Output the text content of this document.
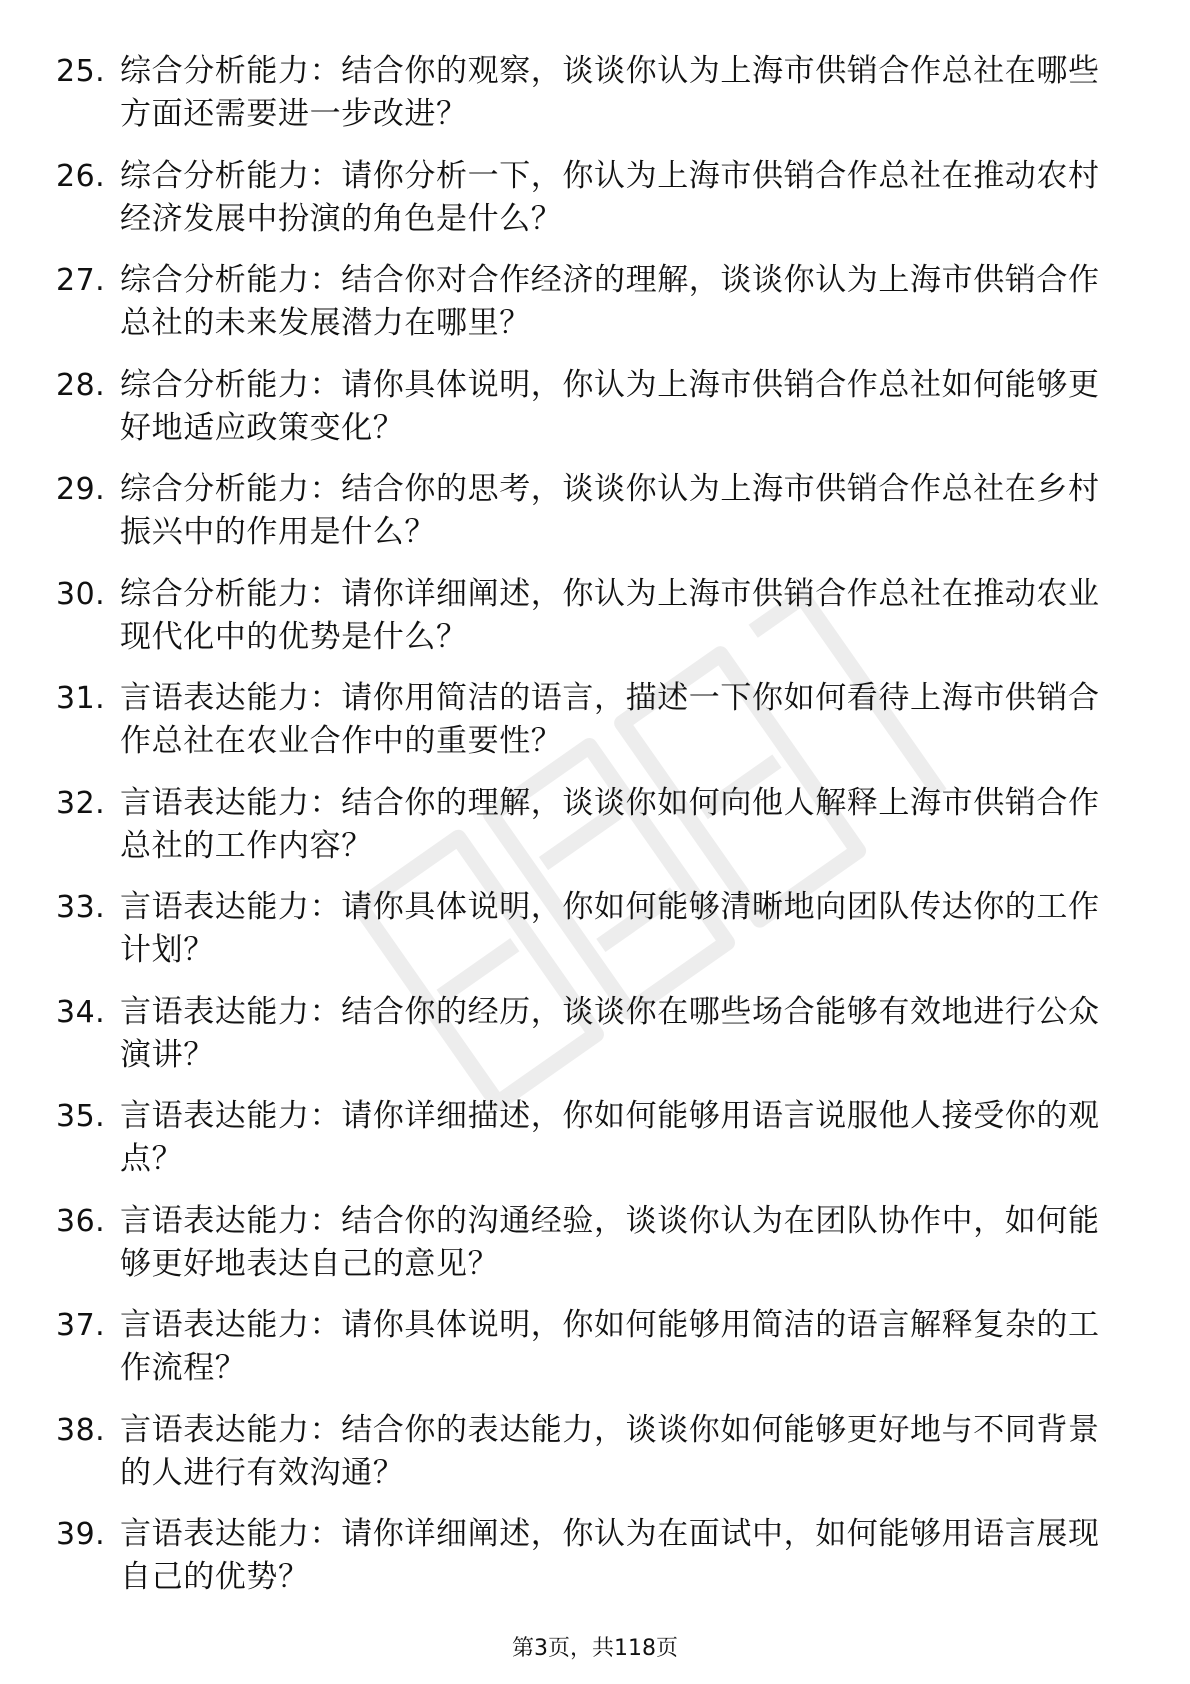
25. 综合分析能力：结合你的观察，谈谈你认为上海市供销合作总社在哪些方面还需要进一步改进？
26. 综合分析能力：请你分析一下，你认为上海市供销合作总社在推动农村经济发展中扮演的角色是什么？
27. 综合分析能力：结合你对合作经济的理解，谈谈你认为上海市供销合作总社的未来发展潜力在哪里？
28. 综合分析能力：请你具体说明，你认为上海市供销合作总社如何能够更好地适应政策变化？
29. 综合分析能力：结合你的思考，谈谈你认为上海市供销合作总社在乡村振兴中的作用是什么？
30. 综合分析能力：请你详细阐述，你认为上海市供销合作总社在推动农业现代化中的优势是什么？
31. 言语表达能力：请你用简洁的语言，描述一下你如何看待上海市供销合作总社在农业合作中的重要性？
32. 言语表达能力：结合你的理解，谈谈你如何向他人解释上海市供销合作总社的工作内容？
33. 言语表达能力：请你具体说明，你如何能够清晰地向团队传达你的工作计划？
34. 言语表达能力：结合你的经历，谈谈你在哪些场合能够有效地进行公众演讲？
35. 言语表达能力：请你详细描述，你如何能够用语言说服他人接受你的观点？
36. 言语表达能力：结合你的沟通经验，谈谈你认为在团队协作中，如何能够更好地表达自己的意见？
37. 言语表达能力：请你具体说明，你如何能够用简洁的语言解释复杂的工作流程？
38. 言语表达能力：结合你的表达能力，谈谈你如何能够更好地与不同背景的人进行有效沟通？
39. 言语表达能力：请你详细阐述，你认为在面试中，如何能够用语言展现自己的优势？
第3页，共118页
